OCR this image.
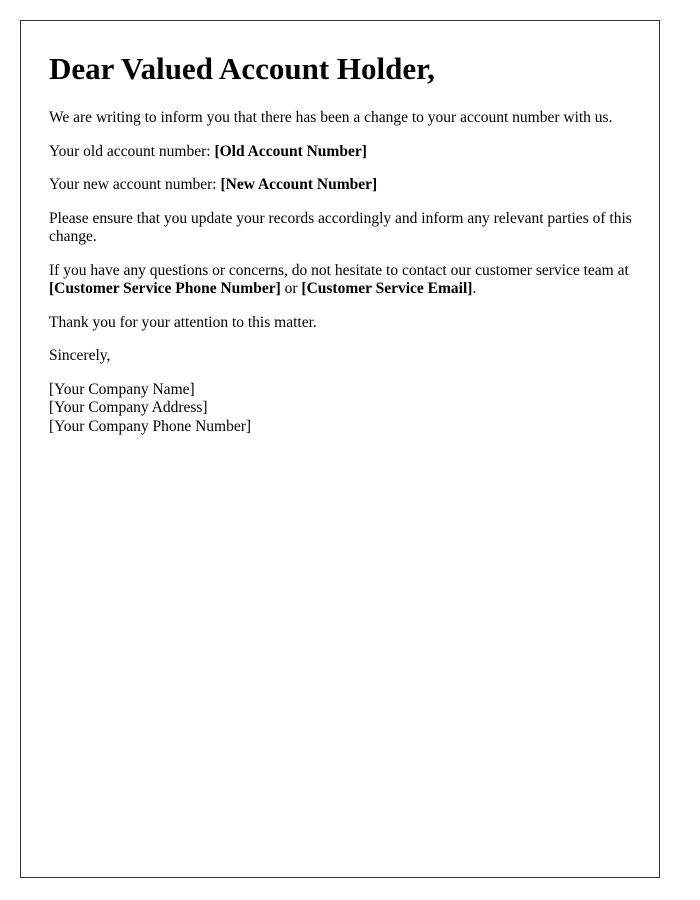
Dear Valued Account Holder,

We are writing to inform you that there has been a change to your account number with us.

Your old account number: [Old Account Number]

Your new account number: [New Account Number]

Please ensure that you update your records accordingly and inform any relevant parties of this change.

If you have any questions or concerns, do not hesitate to contact our customer service team at [Customer Service Phone Number] or [Customer Service Email].

Thank you for your attention to this matter.

Sincerely,

[Your Company Name]
[Your Company Address]
[Your Company Phone Number]
